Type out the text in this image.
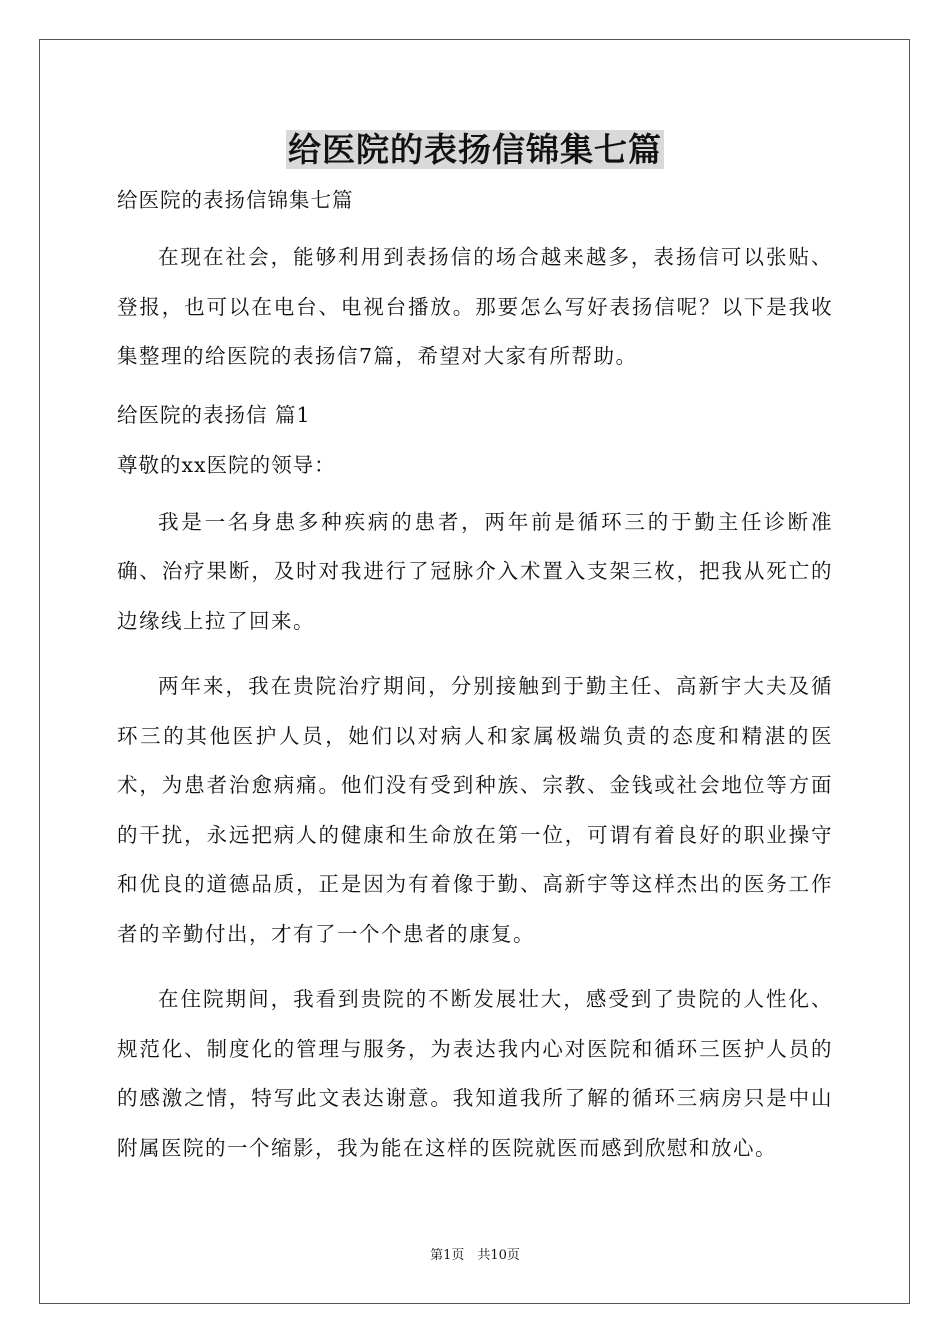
给医院的表扬信锦集七篇

给医院的表扬信锦集七篇

在现在社会，能够利用到表扬信的场合越来越多，表扬信可以张贴、登报，也可以在电台、电视台播放。那要怎么写好表扬信呢？以下是我收集整理的给医院的表扬信7篇，希望对大家有所帮助。

给医院的表扬信 篇1

尊敬的xx医院的领导：

我是一名身患多种疾病的患者，两年前是循环三的于勤主任诊断准确、治疗果断，及时对我进行了冠脉介入术置入支架三枚，把我从死亡的边缘线上拉了回来。

两年来，我在贵院治疗期间，分别接触到于勤主任、高新宇大夫及循环三的其他医护人员，她们以对病人和家属极端负责的态度和精湛的医术，为患者治愈病痛。他们没有受到种族、宗教、金钱或社会地位等方面的干扰，永远把病人的健康和生命放在第一位，可谓有着良好的职业操守和优良的道德品质，正是因为有着像于勤、高新宇等这样杰出的医务工作者的辛勤付出，才有了一个个患者的康复。

在住院期间，我看到贵院的不断发展壮大，感受到了贵院的人性化、规范化、制度化的管理与服务，为表达我内心对医院和循环三医护人员的的感激之情，特写此文表达谢意。我知道我所了解的循环三病房只是中山附属医院的一个缩影，我为能在这样的医院就医而感到欣慰和放心。

第1页　共10页
